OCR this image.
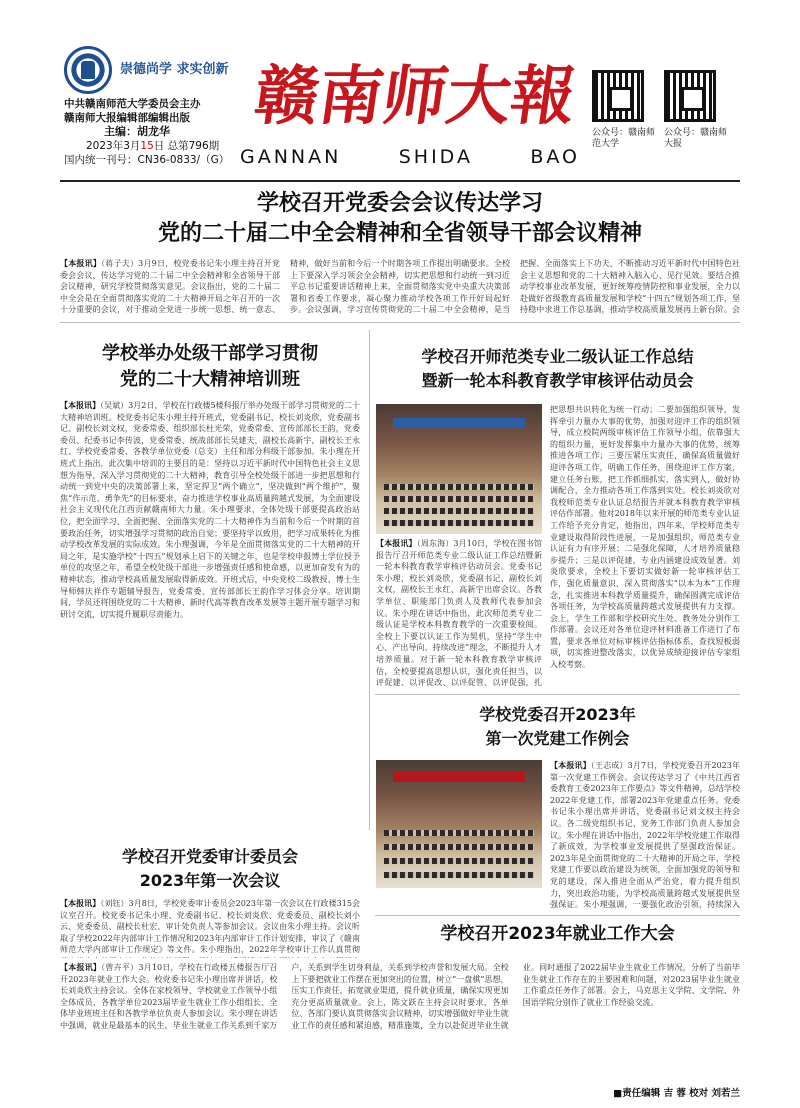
崇德尚学 求实创新
中共赣南师范大学委员会主办
赣南师大报编辑部编辑出版
主编：胡龙华
2023年3月15日 总第796期
国内统一刊号：CN36-0833/（G）
赣
南
师
大
報
GANNAN	SHIDA	BAO
公众号：赣南师范大学
公众号：赣南师大报
学校召开党委会会议传达学习
党的二十届二中全会精神和全省领导干部会议精神
【本报讯】（蒋子夫）3月9日，校党委书记朱小理主持召开党委会会议，传达学习党的二十届二中全会精神和全省领导干部会议精神，研究学校贯彻落实意见。会议指出，党的二十届二中全会是在全面贯彻落实党的二十大精神开局之年召开的一次十分重要的会议，对于推动全党进一步统一思想、统一意志、
精神，做好当前和今后一个时期各项工作提出明确要求。全校上下要深入学习领会全会精神，切实把思想和行动统一到习近平总书记重要讲话精神上来，全面贯彻落实党中央重大决策部署和省委工作要求，凝心聚力推动学校各项工作开好局起好步。会议强调，学习宣传贯彻党的二十届二中全会精神，是当
把握、全面落实上下功夫，不断推动习近平新时代中国特色社会主义思想和党的二十大精神入脑入心、见行见效。要结合推动学校事业改革发展，更好统筹疫情防控和事业发展，全力以赴做好省级教育高质量发展和学校“十四五”规划各项工作，坚持稳中求进工作总基调，推动学校高质量发展再上新台阶。会
学校举办处级干部学习贯彻
党的二十大精神培训班
【本报讯】（吴斌）3月2日，学校在行政楼5楼科报厅举办处级干部学习贯彻党的二十大精神培训班。校党委书记朱小理主持开班式，党委副书记、校长刘炎欣，党委副书记、副校长刘文权，党委常委、组织部长杜光荣，党委常委、宣传部部长王韵，党委委员、纪委书记李传波，党委常委、统战部部长吴建夫，副校长高新宇，副校长王永红、学校党委常委、各教学单位党委（总支）主任和部分科级干部参加。朱小理在开班式上指出，此次集中培训的主要目的是：坚持以习近平新时代中国特色社会主义思想为指导，深入学习贯彻党的二十大精神，教育引导全校处级干部进一步把思想和行动统一到党中央的决策部署上来，坚定捍卫“两个确立”，坚决做到“两个维护”，聚焦“作示范、勇争先”的目标要求，奋力推进学校事业高质量跨越式发展，为全面建设社会主义现代化江西贡献赣南师大力量。朱小理要求，全体处级干部要提高政治站位，把全面学习、全面把握、全面落实党的二十大精神作为当前和今后一个时期的首要政治任务，切实增强学习贯彻的政治自觉；要坚持学以致用，把学习成果转化为推动学校改革发展的实际成效。朱小理强调，今年是全面贯彻落实党的二十大精神的开局之年，是实施学校“十四五”规划承上启下的关键之年，也是学校申报博士学位授予单位的攻坚之年，希望全校处级干部进一步增强责任感和使命感，以更加奋发有为的精神状态，推动学校高质量发展取得新成效。开班式后，中央党校二级教授、博士生导师韩庆祥作专题辅导报告，党委常委、宣传部部长王韵作学习体会分享。培训期间，学员还将围绕党的二十大精神、新时代高等教育改革发展等主题开展专题学习和研讨交流，切实提升履职尽责能力。
学校召开师范类专业二级认证工作总结
暨新一轮本科教育教学审核评估动员会
【本报讯】（周东海）3月10日，学校在图书馆报告厅召开师范类专业二级认证工作总结暨新一轮本科教育教学审核评估动员会。党委书记朱小理，校长刘炎欣，党委副书记、副校长刘文权，副校长王永红、高新宇出席会议。各教学单位、职能部门负责人及教师代表参加会议。朱小理在讲话中指出，此次师范类专业二级认证是学校本科教育教学的一次重要检阅。全校上下要以认证工作为契机，坚持“学生中心、产出导向、持续改进”理念，不断提升人才培养质量。对于新一轮本科教育教学审核评估，全校要提高思想认识，强化责任担当，以评促建、以评促改、以评促管、以评促强，扎
把思想共识转化为统一行动；二要加强组织领导，发挥牵引力量办大事的优势，加强对迎评工作的组织领导，成立校院两级审核评估工作领导小组，依靠强大的组织力量，更好发挥集中力量办大事的优势，统筹推进各项工作；三要压紧压实责任，确保高质量做好迎评各项工作，明确工作任务，围绕迎评工作方案，建立任务台账，把工作抓细抓实，落实到人，做好协调配合，全力推动各项工作落到实处。校长刘炎欣对我校师范类专业认证总结报告并就本科教育教学审核评估作部署。他对2018年以来开展的师范类专业认证工作给予充分肯定，他指出，四年来，学校师范类专业建设取得阶段性进展，一是加强组织，师范类专业认证有力有序开展；二是强化保障，人才培养质量稳步提升；三是以评促建，专业内涵建设成效显著。刘炎欣要求，全校上下要切实做好新一轮审核评估工作，强化质量意识，深入贯彻落实“以本为本”工作理念，扎实推进本科教学质量提升，确保圆满完成评估各项任务，为学校高质量跨越式发展提供有力支撑。会上，学生工作部和学校研究生处、教务处分别作工作部署。会议还对各单位迎评材料准备工作进行了布置，要求各单位对标审核评估指标体系，查找短板弱项，切实推进整改落实，以优异成绩迎接评估专家组入校考察。
学校召开党委审计委员会
2023年第一次会议
【本报讯】（刘钰）3月8日，学校党委审计委员会2023年第一次会议在行政楼315会议室召开。校党委书记朱小理、党委副书记、校长刘炎欣、党委委员、副校长刘小云、党委委员、副校长杜宏、审计处负责人等参加会议。会议由朱小理主持。会议听取了学校2022年内部审计工作情况和2023年内部审计工作计划安排，审议了《赣南师范大学内部审计工作规定》等文件。朱小理指出，2022年学校审计工作认真贯彻
学校党委召开2023年
第一次党建工作例会
【本报讯】（王志成）3月7日，学校党委召开2023年第一次党建工作例会。会议传达学习了《中共江西省委教育工委2023年工作要点》等文件精神，总结学校2022年党建工作，部署2023年党建重点任务。党委书记朱小理出席并讲话，党委副书记刘文权主持会议。各二级党组织书记、党务工作部门负责人参加会议。朱小理在讲话中指出，2022年学校党建工作取得了新成效，为学校事业发展提供了坚强政治保证。2023年是全面贯彻党的二十大精神的开局之年，学校党建工作要以政治建设为统领，全面加强党的领导和党的建设，深入推进全面从严治党，着力提升组织力，突出政治功能，为学校高质量跨越式发展提供坚强保证。朱小理强调，一要强化政治引领，持续深入
学校召开2023年就业工作大会
【本报讯】（曾卉平）3月10日，学校在行政楼五楼报告厅召开2023年就业工作大会。校党委书记朱小理出席并讲话，校长刘炎欣主持会议。全体在家校领导、学校就业工作领导小组全体成员、各教学单位2023届毕业生就业工作小组组长、全体毕业班班主任和各教学单位负责人参加会议。朱小理在讲话中强调，就业是最基本的民生，毕业生就业工作关系到千家万户，关系到学生切身利益，关系到学校声誉和发展大局。全校上下要把就业工作摆在更加突出的位置，树立“一盘棋”思想，压实工作责任，拓宽就业渠道，提升就业质量，确保实现更加充分更高质量就业。会上，陈文跃在主持会议时要求，各单位、各部门要认真贯彻落实会议精神，切实增强做好毕业生就业工作的责任感和紧迫感，精准施策，全力以赴促进毕业生就业。同时通报了2022届毕业生就业工作情况，分析了当前毕业生就业工作存在的主要困难和问题，对2023届毕业生就业工作重点任务作了部署。会上，马克思主义学院、文学院、外国语学院分别作了就业工作经验交流。
■责任编辑 吉 蓉 校对 刘若兰
